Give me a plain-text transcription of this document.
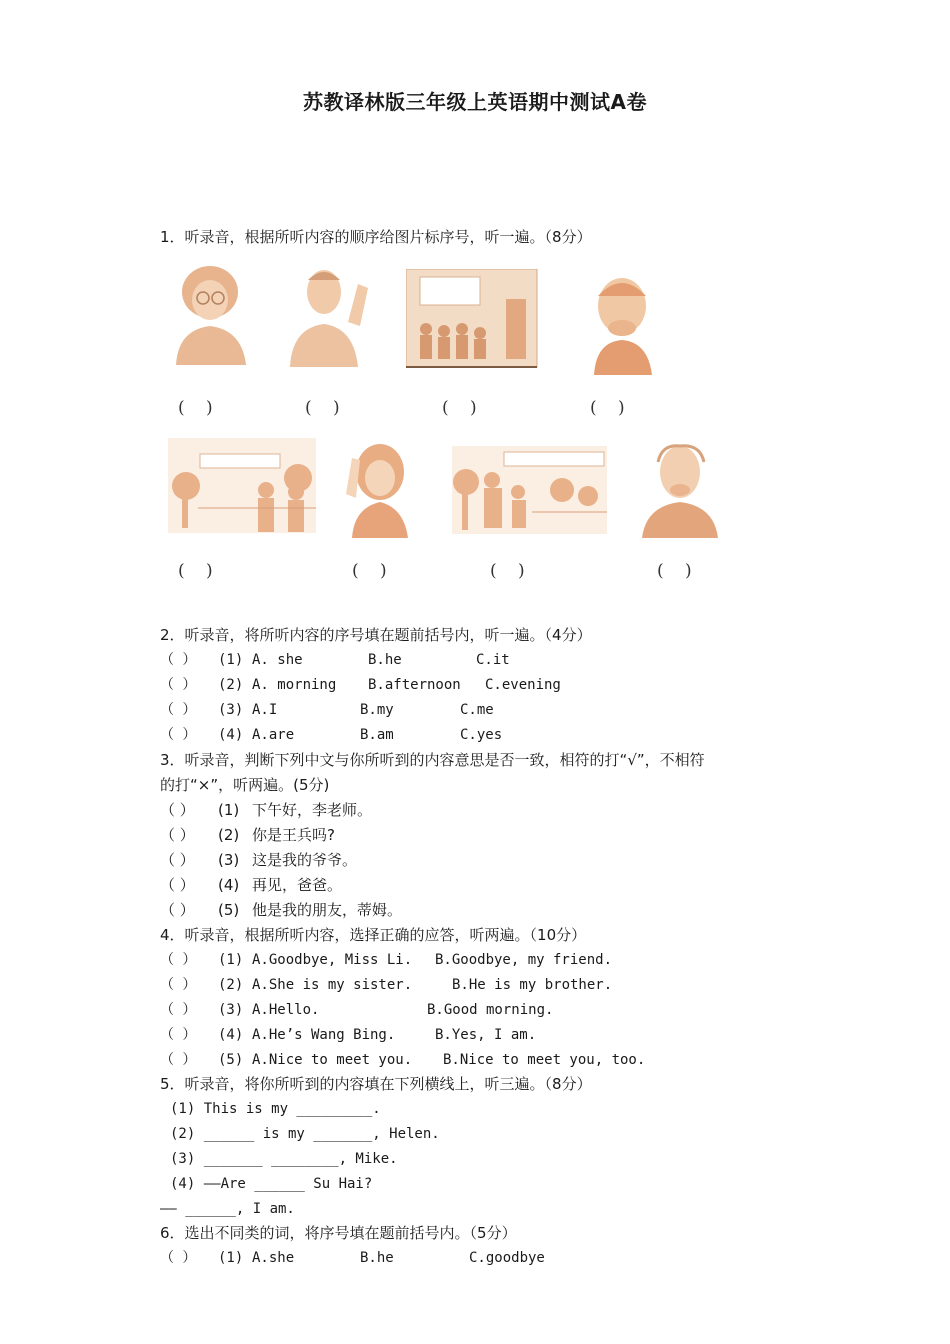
苏教译林版三年级上英语期中测试A卷
1．听录音，根据所听内容的顺序给图片标序号，听一遍。（8分）
( )	( )	( )	( )
( )	( )	( )	( )
2．听录音，将所听内容的序号填在题前括号内，听一遍。（4分）
（ ） (1) A. she	B.he	C.it
（ ） (2) A. morning B.afternoon C.evening
（ ） (3) A.I	B.my	C.me
（ ） (4) A.are	B.am	C.yes
3．听录音，判断下列中文与你所听到的内容意思是否一致，相符的打“√”，不相符
的打“×”，听两遍。(5分)
（ ） (1) 下午好，李老师。
（ ） (2) 你是王兵吗?
（ ） (3) 这是我的爷爷。
（ ） (4) 再见，爸爸。
（ ） (5) 他是我的朋友，蒂姆。
4．听录音，根据所听内容，选择正确的应答，听两遍。（10分）
（ ） (1) A.Goodbye, Miss Li. B.Goodbye, my friend.
（ ） (2) A.She is my sister.	B.He is my brother.
（ ） (3) A.Hello.	B.Good morning.
（ ） (4) A.He’s Wang Bing.	B.Yes, I am.
（ ） (5) A.Nice to meet you. B.Nice to meet you, too.
5．听录音，将你所听到的内容填在下列横线上，听三遍。（8分）
(1) This is my _________.
(2) ______ is my _______, Helen.
(3) _______ ________, Mike.
(4) ——Are ______ Su Hai?
—— ______, I am.
6．选出不同类的词，将序号填在题前括号内。（5分）
（ ） (1) A.she	B.he	C.goodbye
